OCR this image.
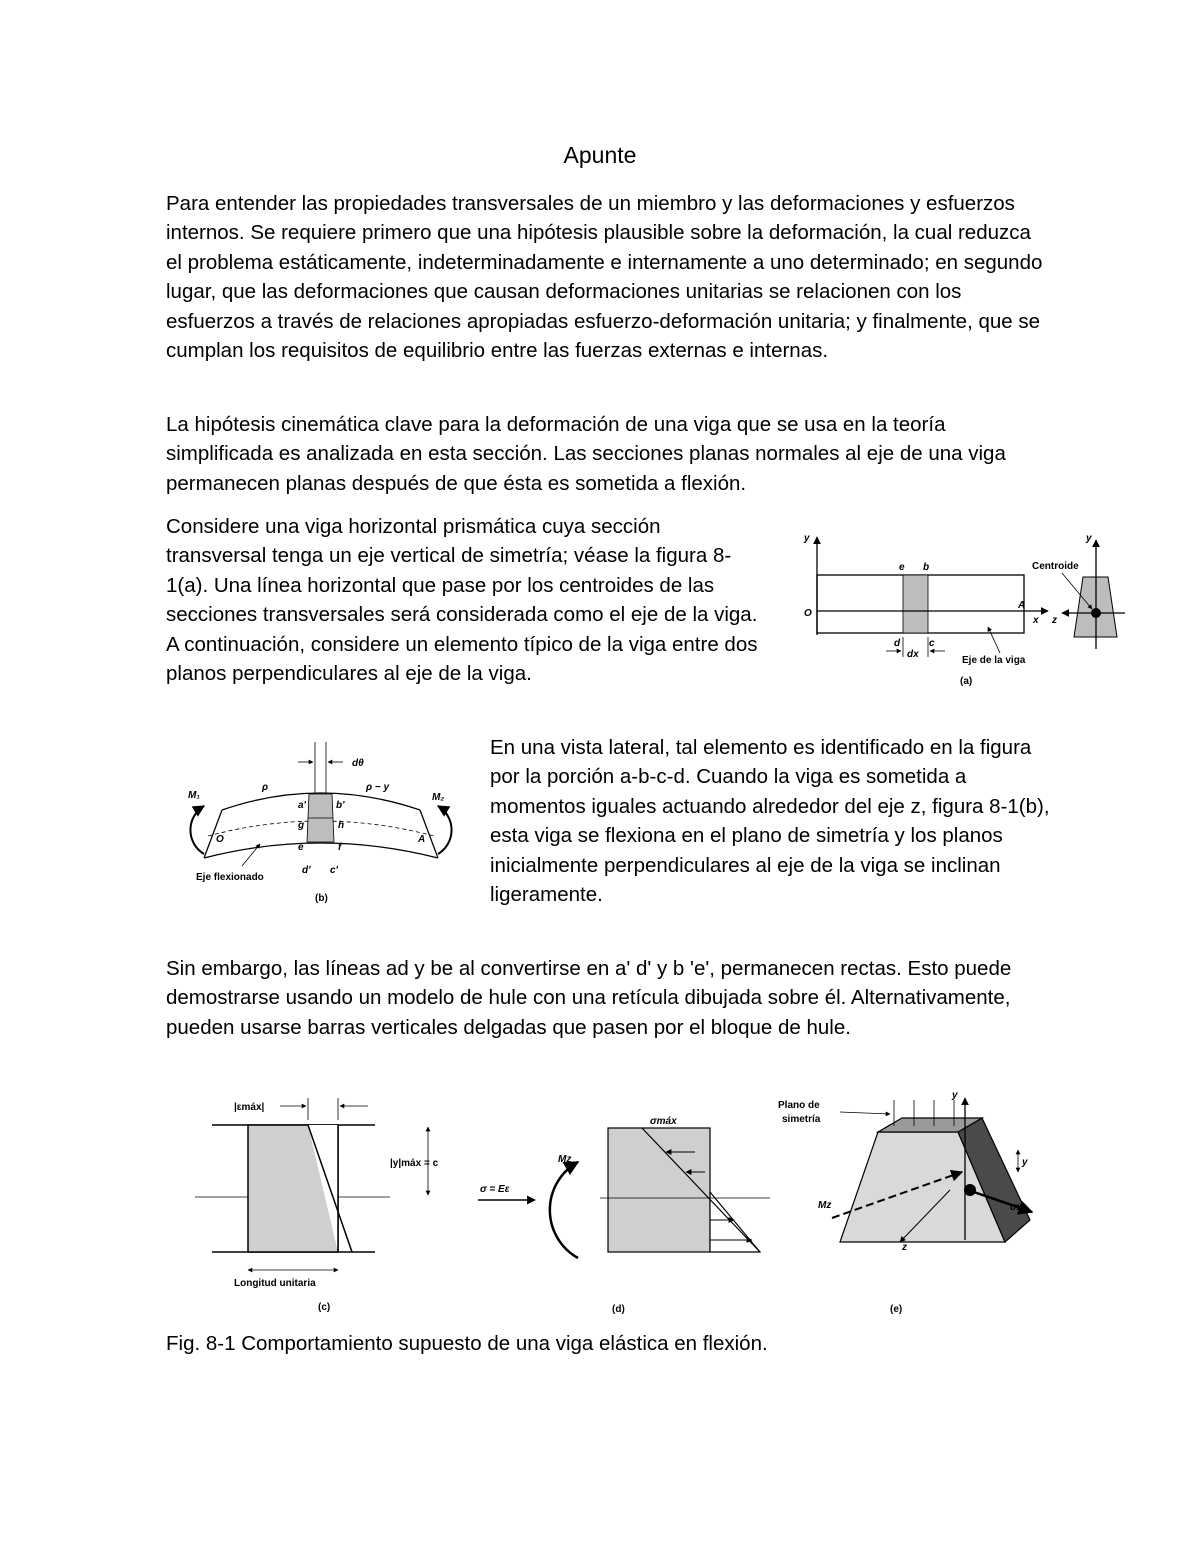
Apunte

Para entender las propiedades transversales de un miembro y las deformaciones y esfuerzos internos. Se requiere primero que una hipótesis plausible sobre la deformación, la cual reduzca el problema estáticamente, indeterminadamente e internamente a uno determinado; en segundo lugar, que las deformaciones que causan deformaciones unitarias se relacionen con los esfuerzos a través de relaciones apropiadas esfuerzo-deformación unitaria; y finalmente, que se cumplan los requisitos de equilibrio entre las fuerzas externas e internas.

La hipótesis cinemática clave para la deformación de una viga que se usa en la teoría simplificada es analizada en esta sección. Las secciones planas normales al eje de una viga permanecen planas después de que ésta es sometida a flexión.

Considere una viga horizontal prismática cuya sección transversal tenga un eje vertical de simetría; véase la figura 8-1(a). Una línea horizontal que pase por los centroides de las secciones transversales será considerada como el eje de la viga. A continuación, considere un elemento típico de la viga entre dos planos perpendiculares al eje de la viga.

En una vista lateral, tal elemento es identificado en la figura por la porción a-b-c-d. Cuando la viga es sometida a momentos iguales actuando alrededor del eje z, figura 8-1(b), esta viga se flexiona en el plano de simetría y los planos inicialmente perpendiculares al eje de la viga se inclinan ligeramente.

Sin embargo, las líneas ad y be al convertirse en a' d' y b 'e', permanecen rectas. Esto puede demostrarse usando un modelo de hule con una retícula dibujada sobre él. Alternativamente, pueden usarse barras verticales delgadas que pasen por el bloque de hule.

y
O
e b
A
x
d
dx
c
Eje de la viga
(a)
y
z
Centroide
dθ
M₁	M₂
ρ	ρ − y
a'	b'
g	h
e	f
d' c'
O	A
Eje flexionado
(b)
|εmáx|
|y|máx = c
Longitud unitaria
(c)
σ = Eε
Mz
σmáx
(d)
Plano de
simetría
y
y
Mz	σx
z
(e)
Fig. 8-1 Comportamiento supuesto de una viga elástica en flexión.
